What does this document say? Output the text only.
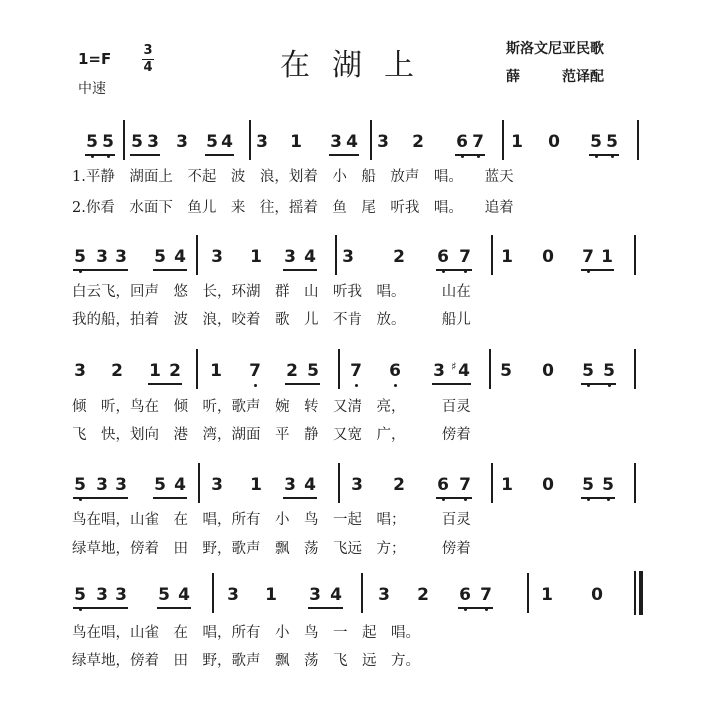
1=F 3
4
中速
在湖上	斯洛文尼亚民歌
薛	范译配
5 5 5 3 3 5 4 3 1 3 4 3 2 6 7 1 0 5 5
1.平静　湖面上　不起　波　浪，划着　小　船　放声　唱。　　蓝天
2.你看　水面下　鱼儿　来　往，摇着　鱼　尾　听我　唱。　　追着
5 3 3 5 4 3 1 3 4 3 2 6 7 1 0 7 1
白云飞，回声　悠　长，环湖　群　山　听我　唱。　　　山在
我的船，拍着　波　浪，咬着　歌　儿　不肯　放。　　　船儿
3 2 1 2 1 7 2 5 7 6 3 4
♯	5 0 5 5
倾　听，鸟在　倾　听，歌声　婉　转　又清　亮，　　　百灵
飞　快，划向　港　湾，湖面　平　静　又宽　广，　　　傍着
5 3 3 5 4 3 1 3 4 3 2 6 7 1 0 5 5
鸟在唱，山雀　在　唱，所有　小　鸟　一起　唱；　　　百灵
绿草地，傍着　田　野，歌声　飘　荡　飞远　方；　　　傍着
5 3 3 5 4 3 1 3 4 3 2 6 7	1 0
鸟在唱，山雀　在　唱，所有　小　鸟　一　起　唱。
绿草地，傍着　田　野，歌声　飘　荡　飞　远　方。
